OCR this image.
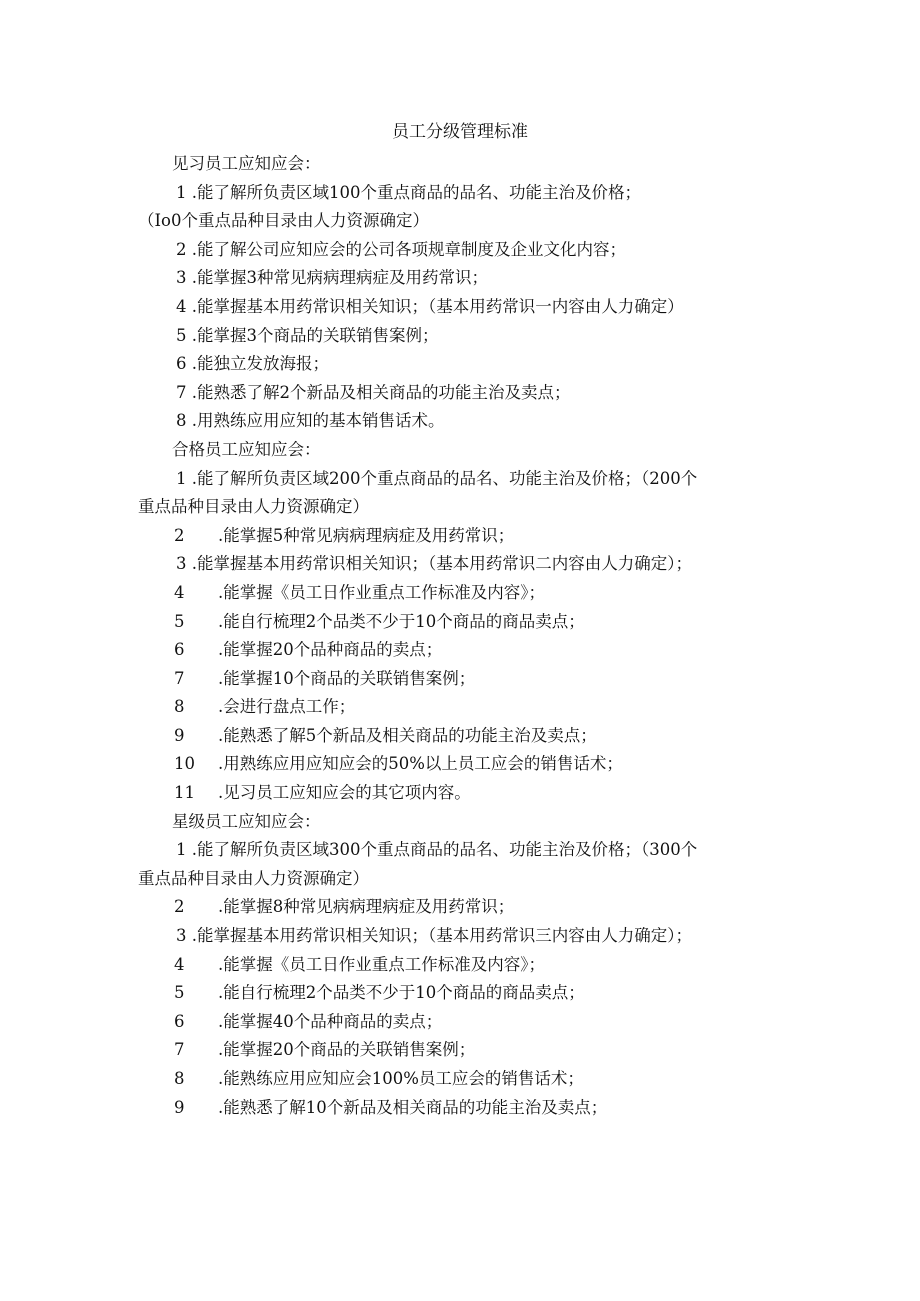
员工分级管理标准
见习员工应知应会：
1 .能了解所负责区域100个重点商品的品名、功能主治及价格；
（Io0个重点品种目录由人力资源确定）
2 .能了解公司应知应会的公司各项规章制度及企业文化内容；
3 .能掌握3种常见病病理病症及用药常识；
4 .能掌握基本用药常识相关知识；（基本用药常识一内容由人力确定）
5 .能掌握3个商品的关联销售案例；
6 .能独立发放海报；
7 .能熟悉了解2个新品及相关商品的功能主治及卖点；
8 .用熟练应用应知的基本销售话术。
合格员工应知应会：
1 .能了解所负责区域200个重点商品的品名、功能主治及价格；（200个
重点品种目录由人力资源确定）
2 .能掌握5种常见病病理病症及用药常识；
3 .能掌握基本用药常识相关知识；（基本用药常识二内容由人力确定）；
4 .能掌握《员工日作业重点工作标准及内容》；
5 .能自行梳理2个品类不少于10个商品的商品卖点；
6 .能掌握20个品种商品的卖点；
7 .能掌握10个商品的关联销售案例；
8 .会进行盘点工作；
9 .能熟悉了解5个新品及相关商品的功能主治及卖点；
10 .用熟练应用应知应会的50%以上员工应会的销售话术；
11 .见习员工应知应会的其它项内容。
星级员工应知应会：
1 .能了解所负责区域300个重点商品的品名、功能主治及价格；（300个
重点品种目录由人力资源确定）
2 .能掌握8种常见病病理病症及用药常识；
3 .能掌握基本用药常识相关知识；（基本用药常识三内容由人力确定）；
4 .能掌握《员工日作业重点工作标准及内容》；
5 .能自行梳理2个品类不少于10个商品的商品卖点；
6 .能掌握40个品种商品的卖点；
7 .能掌握20个商品的关联销售案例；
8 .能熟练应用应知应会100%员工应会的销售话术；
9 .能熟悉了解10个新品及相关商品的功能主治及卖点；
